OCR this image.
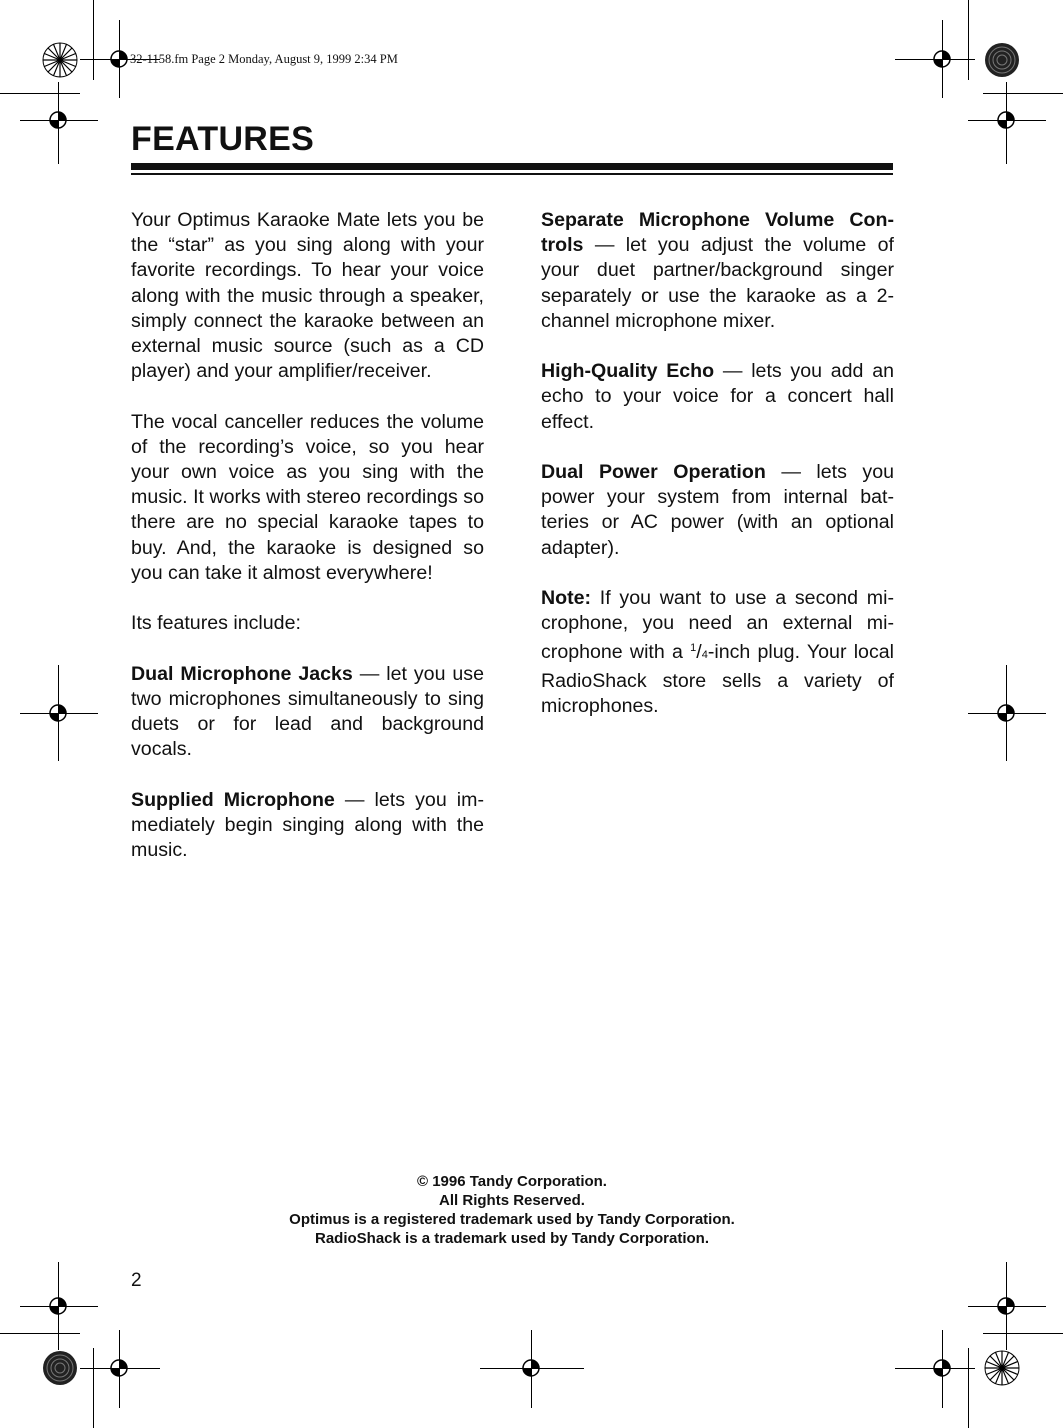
32-1158.fm Page 2 Monday, August 9, 1999 2:34 PM
FEATURES

Your Optimus Karaoke Mate lets you be the “star” as you sing along with your favorite recordings. To hear your voice along with the music through a speaker, simply connect the karaoke between an external music source (such as a CD player) and your amplifier/receiver.

The vocal canceller reduces the volume of the recording’s voice, so you hear your own voice as you sing with the music. It works with stereo recordings so there are no special karaoke tapes to buy. And, the karaoke is designed so you can take it almost everywhere!

Its features include:

Dual Microphone Jacks — let you use two microphones simultaneously to sing duets or for lead and background vocals.

Supplied Microphone — lets you immediately begin singing along with the music.

Separate Microphone Volume Controls — let you adjust the volume of your duet partner/background singer separately or use the karaoke as a 2-channel microphone mixer.

High-Quality Echo — lets you add an echo to your voice for a concert hall effect.

Dual Power Operation — lets you power your system from internal batteries or AC power (with an optional adapter).

Note: If you want to use a second microphone, you need an external microphone with a $^1$/4-inch plug. Your local RadioShack store sells a variety of microphones.

© 1996 Tandy Corporation.
All Rights Reserved.
Optimus is a registered trademark used by Tandy Corporation.
RadioShack is a trademark used by Tandy Corporation.
2
